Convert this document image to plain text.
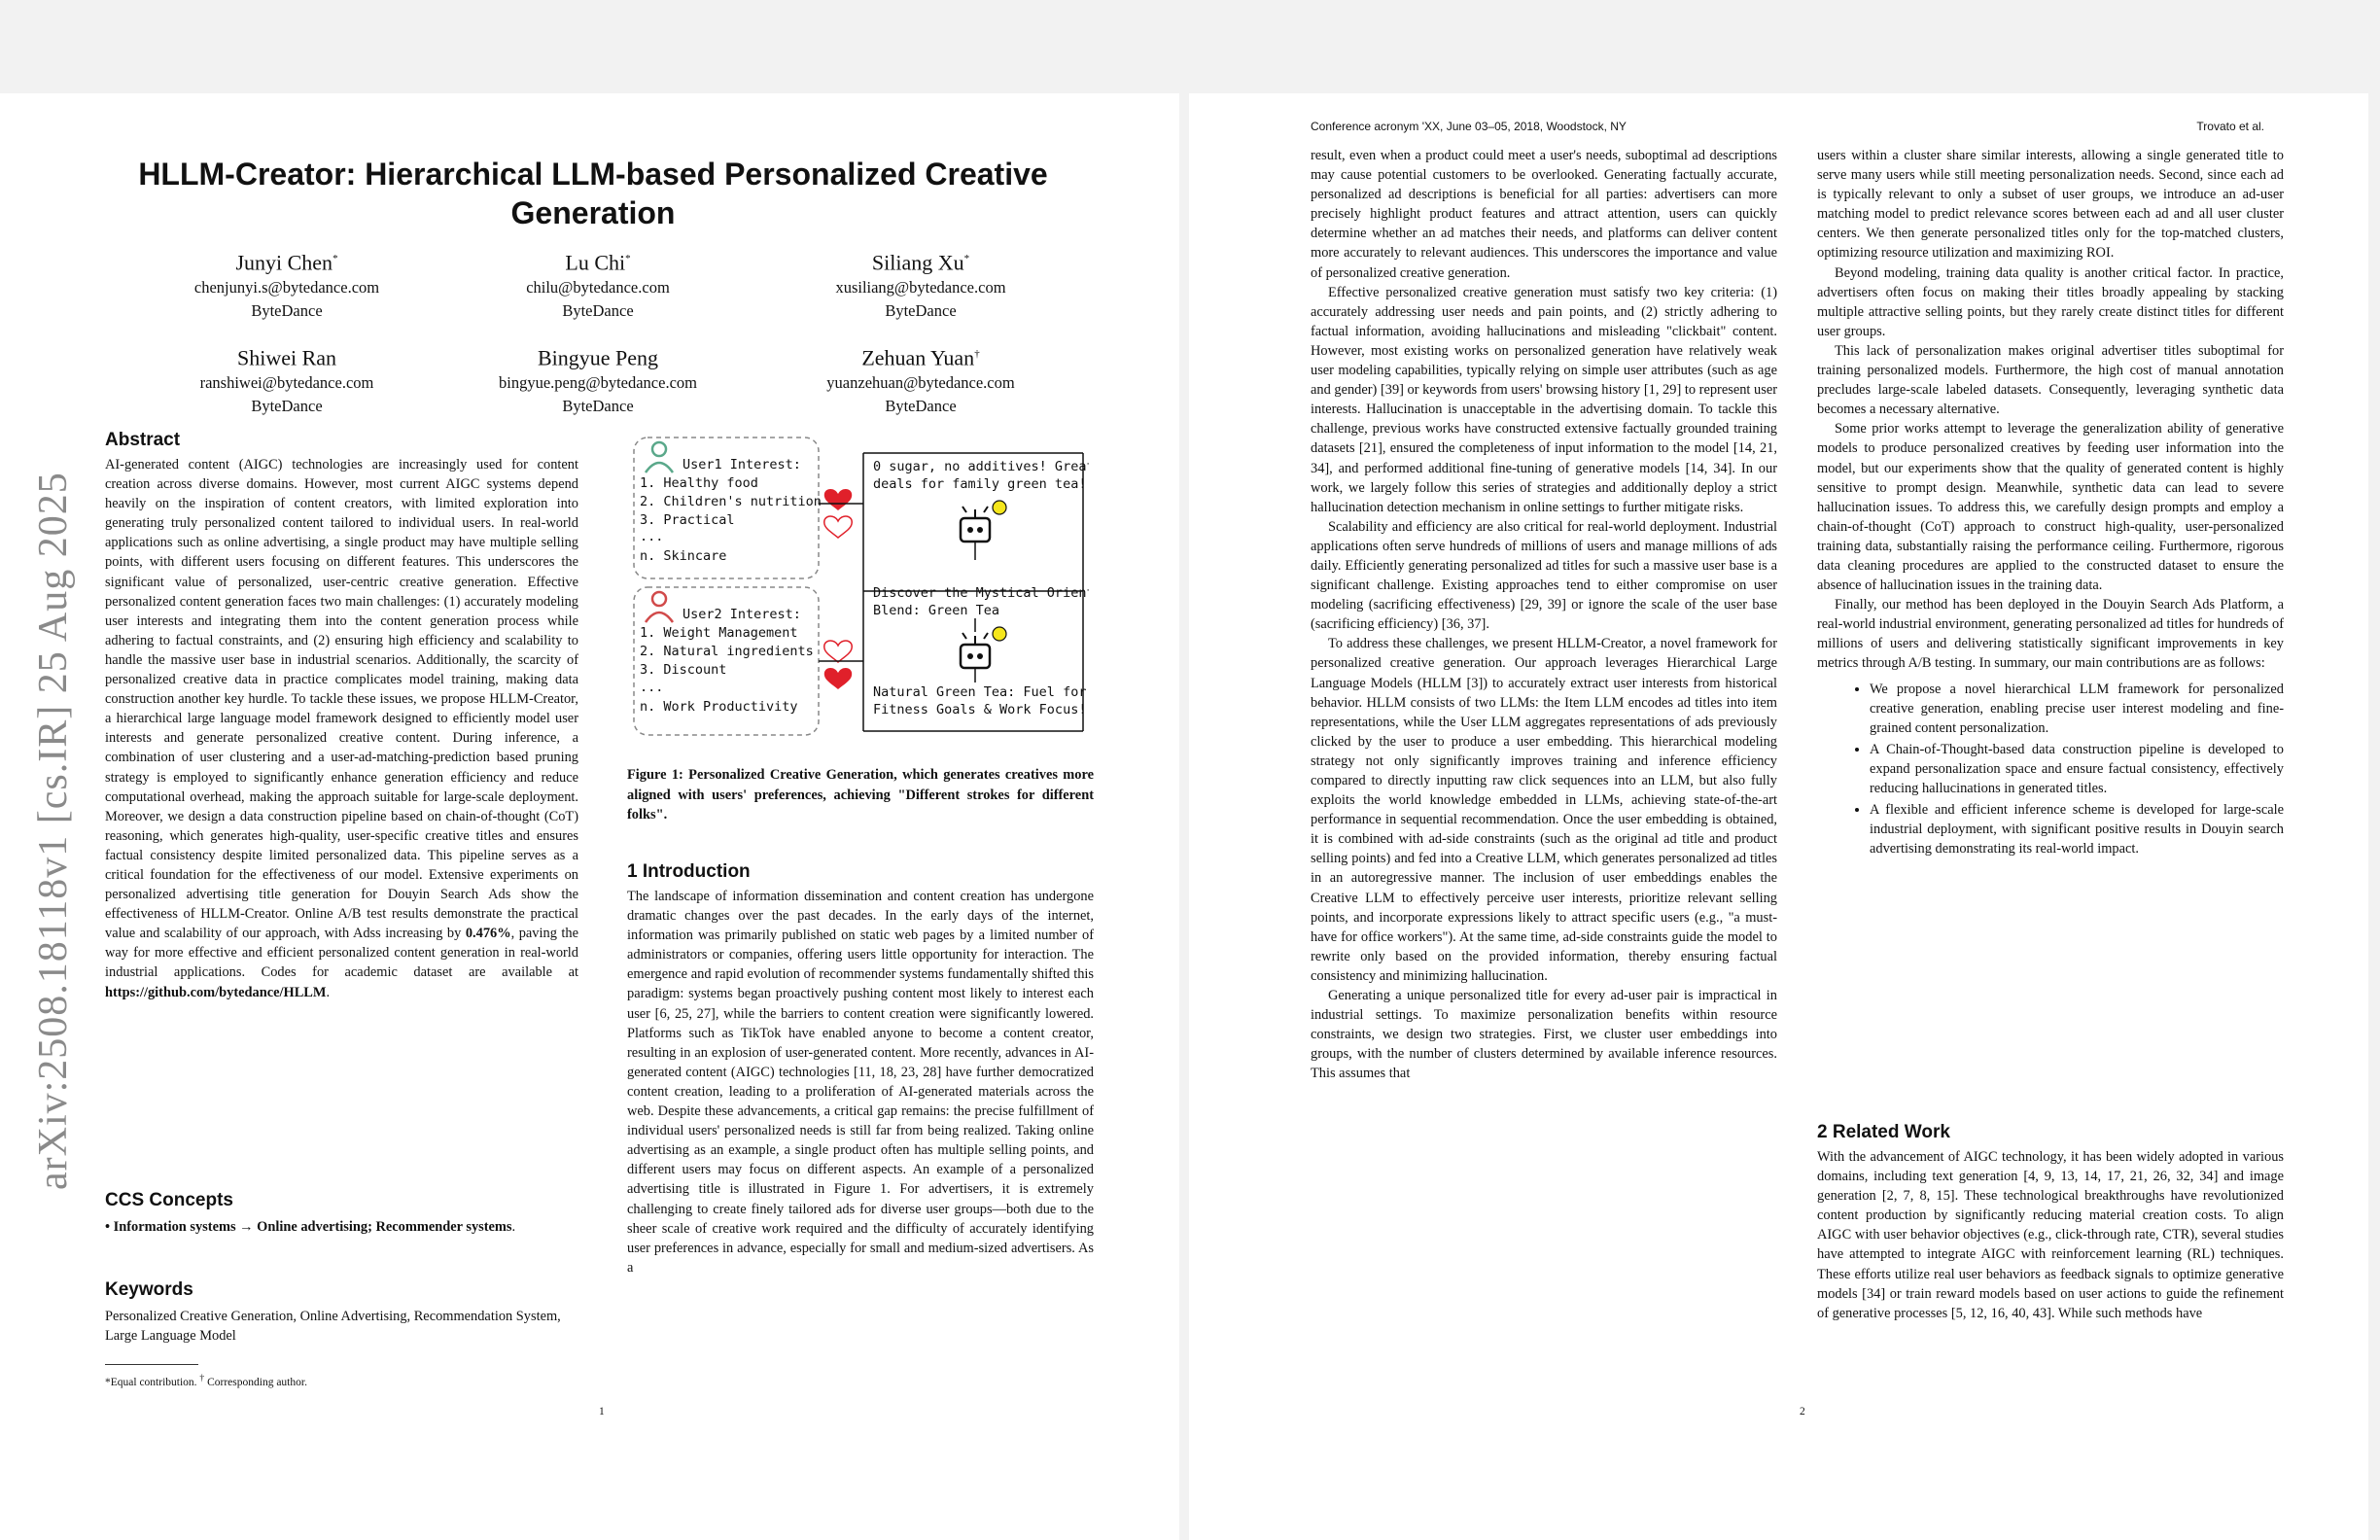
arXiv:2508.18118v1 [cs.IR] 25 Aug 2025
HLLM-Creator: Hierarchical LLM-based Personalized Creative Generation
Junyi Chen*
chenjunyi.s@bytedance.com
ByteDance
Lu Chi*
chilu@bytedance.com
ByteDance
Siliang Xu*
xusiliang@bytedance.com
ByteDance
Shiwei Ran
ranshiwei@bytedance.com
ByteDance
Bingyue Peng
bingyue.peng@bytedance.com
ByteDance
Zehuan Yuan†
yuanzehuan@bytedance.com
ByteDance
Abstract

AI-generated content (AIGC) technologies are increasingly used for content creation across diverse domains. However, most current AIGC systems depend heavily on the inspiration of content creators, with limited exploration into generating truly personalized content tailored to individual users. In real-world applications such as online advertising, a single product may have multiple selling points, with different users focusing on different features. This underscores the significant value of personalized, user-centric creative generation. Effective personalized content generation faces two main challenges: (1) accurately modeling user interests and integrating them into the content generation process while adhering to factual constraints, and (2) ensuring high efficiency and scalability to handle the massive user base in industrial scenarios. Additionally, the scarcity of personalized creative data in practice complicates model training, making data construction another key hurdle. To tackle these issues, we propose HLLM-Creator, a hierarchical large language model framework designed to efficiently model user interests and generate personalized creative content. During inference, a combination of user clustering and a user-ad-matching-prediction based pruning strategy is employed to significantly enhance generation efficiency and reduce computational overhead, making the approach suitable for large-scale deployment. Moreover, we design a data construction pipeline based on chain-of-thought (CoT) reasoning, which generates high-quality, user-specific creative titles and ensures factual consistency despite limited personalized data. This pipeline serves as a critical foundation for the effectiveness of our model. Extensive experiments on personalized advertising title generation for Douyin Search Ads show the effectiveness of HLLM-Creator. Online A/B test results demonstrate the practical value and scalability of our approach, with Adss increasing by 0.476%, paving the way for more effective and efficient personalized content generation in real-world industrial applications. Codes for academic dataset are available at https://github.com/bytedance/HLLM.

CCS Concepts
• Information systems → Online advertising; Recommender systems.
Keywords
Personalized Creative Generation, Online Advertising, Recommendation System, Large Language Model
*Equal contribution. † Corresponding author.
1
User1 Interest:
1. Healthy food
2. Children's nutrition
3. Practical
...
n. Skincare
User2 Interest:
1. Weight Management
2. Natural ingredients
3. Discount
...
n. Work Productivity
0 sugar, no additives! Great
deals for family green tea!
Discover the Mystical Oriental
Blend: Green Tea
Natural Green Tea: Fuel for
Fitness Goals & Work Focus!
Figure 1: Personalized Creative Generation, which generates creatives more aligned with users' preferences, achieving "Different strokes for different folks".
1 Introduction

The landscape of information dissemination and content creation has undergone dramatic changes over the past decades. In the early days of the internet, information was primarily published on static web pages by a limited number of administrators or companies, offering users little opportunity for interaction. The emergence and rapid evolution of recommender systems fundamentally shifted this paradigm: systems began proactively pushing content most likely to interest each user [6, 25, 27], while the barriers to content creation were significantly lowered. Platforms such as TikTok have enabled anyone to become a content creator, resulting in an explosion of user-generated content. More recently, advances in AI-generated content (AIGC) technologies [11, 18, 23, 28] have further democratized content creation, leading to a proliferation of AI-generated materials across the web. Despite these advancements, a critical gap remains: the precise fulfillment of individual users' personalized needs is still far from being realized. Taking online advertising as an example, a single product often has multiple selling points, and different users may focus on different aspects. An example of a personalized advertising title is illustrated in Figure 1. For advertisers, it is extremely challenging to create finely tailored ads for diverse user groups—both due to the sheer scale of creative work required and the difficulty of accurately identifying user preferences in advance, especially for small and medium-sized advertisers. As a

Conference acronym 'XX, June 03–05, 2018, Woodstock, NY	Trovato et al.

result, even when a product could meet a user's needs, suboptimal ad descriptions may cause potential customers to be overlooked. Generating factually accurate, personalized ad descriptions is beneficial for all parties: advertisers can more precisely highlight product features and attract attention, users can quickly determine whether an ad matches their needs, and platforms can deliver content more accurately to relevant audiences. This underscores the importance and value of personalized creative generation.

Effective personalized creative generation must satisfy two key criteria: (1) accurately addressing user needs and pain points, and (2) strictly adhering to factual information, avoiding hallucinations and misleading "clickbait" content. However, most existing works on personalized generation have relatively weak user modeling capabilities, typically relying on simple user attributes (such as age and gender) [39] or keywords from users' browsing history [1, 29] to represent user interests. Hallucination is unacceptable in the advertising domain. To tackle this challenge, previous works have constructed extensive factually grounded training datasets [21], ensured the completeness of input information to the model [14, 21, 34], and performed additional fine-tuning of generative models [14, 34]. In our work, we largely follow this series of strategies and additionally deploy a strict hallucination detection mechanism in online settings to further mitigate risks.

Scalability and efficiency are also critical for real-world deployment. Industrial applications often serve hundreds of millions of users and manage millions of ads daily. Efficiently generating personalized ad titles for such a massive user base is a significant challenge. Existing approaches tend to either compromise on user modeling (sacrificing effectiveness) [29, 39] or ignore the scale of the user base (sacrificing efficiency) [36, 37].

To address these challenges, we present HLLM-Creator, a novel framework for personalized creative generation. Our approach leverages Hierarchical Large Language Models (HLLM [3]) to accurately extract user interests from historical behavior. HLLM consists of two LLMs: the Item LLM encodes ad titles into item representations, while the User LLM aggregates representations of ads previously clicked by the user to produce a user embedding. This hierarchical modeling strategy not only significantly improves training and inference efficiency compared to directly inputting raw click sequences into an LLM, but also fully exploits the world knowledge embedded in LLMs, achieving state-of-the-art performance in sequential recommendation. Once the user embedding is obtained, it is combined with ad-side constraints (such as the original ad title and product selling points) and fed into a Creative LLM, which generates personalized ad titles in an autoregressive manner. The inclusion of user embeddings enables the Creative LLM to effectively perceive user interests, prioritize relevant selling points, and incorporate expressions likely to attract specific users (e.g., "a must-have for office workers"). At the same time, ad-side constraints guide the model to rewrite only based on the provided information, thereby ensuring factual consistency and minimizing hallucination.

Generating a unique personalized title for every ad-user pair is impractical in industrial settings. To maximize personalization benefits within resource constraints, we design two strategies. First, we cluster user embeddings into groups, with the number of clusters determined by available inference resources. This assumes that

users within a cluster share similar interests, allowing a single generated title to serve many users while still meeting personalization needs. Second, since each ad is typically relevant to only a subset of user groups, we introduce an ad-user matching model to predict relevance scores between each ad and all user cluster centers. We then generate personalized titles only for the top-matched clusters, optimizing resource utilization and maximizing ROI.

Beyond modeling, training data quality is another critical factor. In practice, advertisers often focus on making their titles broadly appealing by stacking multiple attractive selling points, but they rarely create distinct titles for different user groups.

This lack of personalization makes original advertiser titles suboptimal for training personalized models. Furthermore, the high cost of manual annotation precludes large-scale labeled datasets. Consequently, leveraging synthetic data becomes a necessary alternative.

Some prior works attempt to leverage the generalization ability of generative models to produce personalized creatives by feeding user information into the model, but our experiments show that the quality of generated content is highly sensitive to prompt design. Meanwhile, synthetic data can lead to severe hallucination issues. To address this, we carefully design prompts and employ a chain-of-thought (CoT) approach to construct high-quality, user-personalized training data, substantially raising the performance ceiling. Furthermore, rigorous data cleaning procedures are applied to the constructed dataset to ensure the absence of hallucination issues in the training data.

Finally, our method has been deployed in the Douyin Search Ads Platform, a real-world industrial environment, generating personalized ad titles for hundreds of millions of users and delivering statistically significant improvements in key metrics through A/B testing. In summary, our main contributions are as follows:

• We propose a novel hierarchical LLM framework for personalized creative generation, enabling precise user interest modeling and fine-grained content personalization.
• A Chain-of-Thought-based data construction pipeline is developed to expand personalization space and ensure factual consistency, effectively reducing hallucinations in generated titles.
• A flexible and efficient inference scheme is developed for large-scale industrial deployment, with significant positive results in Douyin search advertising demonstrating its real-world impact.
2 Related Work

With the advancement of AIGC technology, it has been widely adopted in various domains, including text generation [4, 9, 13, 14, 17, 21, 26, 32, 34] and image generation [2, 7, 8, 15]. These technological breakthroughs have revolutionized content production by significantly reducing material creation costs. To align AIGC with user behavior objectives (e.g., click-through rate, CTR), several studies have attempted to integrate AIGC with reinforcement learning (RL) techniques. These efforts utilize real user behaviors as feedback signals to optimize generative models [34] or train reward models based on user actions to guide the refinement of generative processes [5, 12, 16, 40, 43]. While such methods have

2
